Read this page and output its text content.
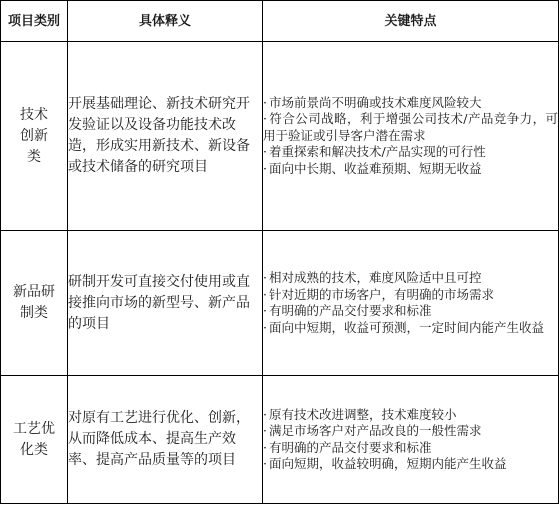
项目类别	具体释义	关键特点

技术创新类	开展基础理论、新技术研究开发验证以及设备功能技术改造，形成实用新技术、新设备或技术储备的研究项目	· 市场前景尚不明确或技术难度风险较大
· 符合公司战略，利于增强公司技术/产品竞争力，可用于验证或引导客户潜在需求
· 着重探索和解决技术/产品实现的可行性
· 面向中长期、收益难预期、短期无收益

新品研制类	研制开发可直接交付使用或直接推向市场的新型号、新产品的项目	· 相对成熟的技术，难度风险适中且可控
· 针对近期的市场客户，有明确的市场需求
· 有明确的产品交付要求和标准
· 面向中短期，收益可预测，一定时间内能产生收益

工艺优化类	对原有工艺进行优化、创新，从而降低成本、提高生产效率、提高产品质量等的项目	· 原有技术改进调整，技术难度较小
· 满足市场客户对产品改良的一般性需求
· 有明确的产品交付要求和标准
· 面向短期，收益较明确，短期内能产生收益
